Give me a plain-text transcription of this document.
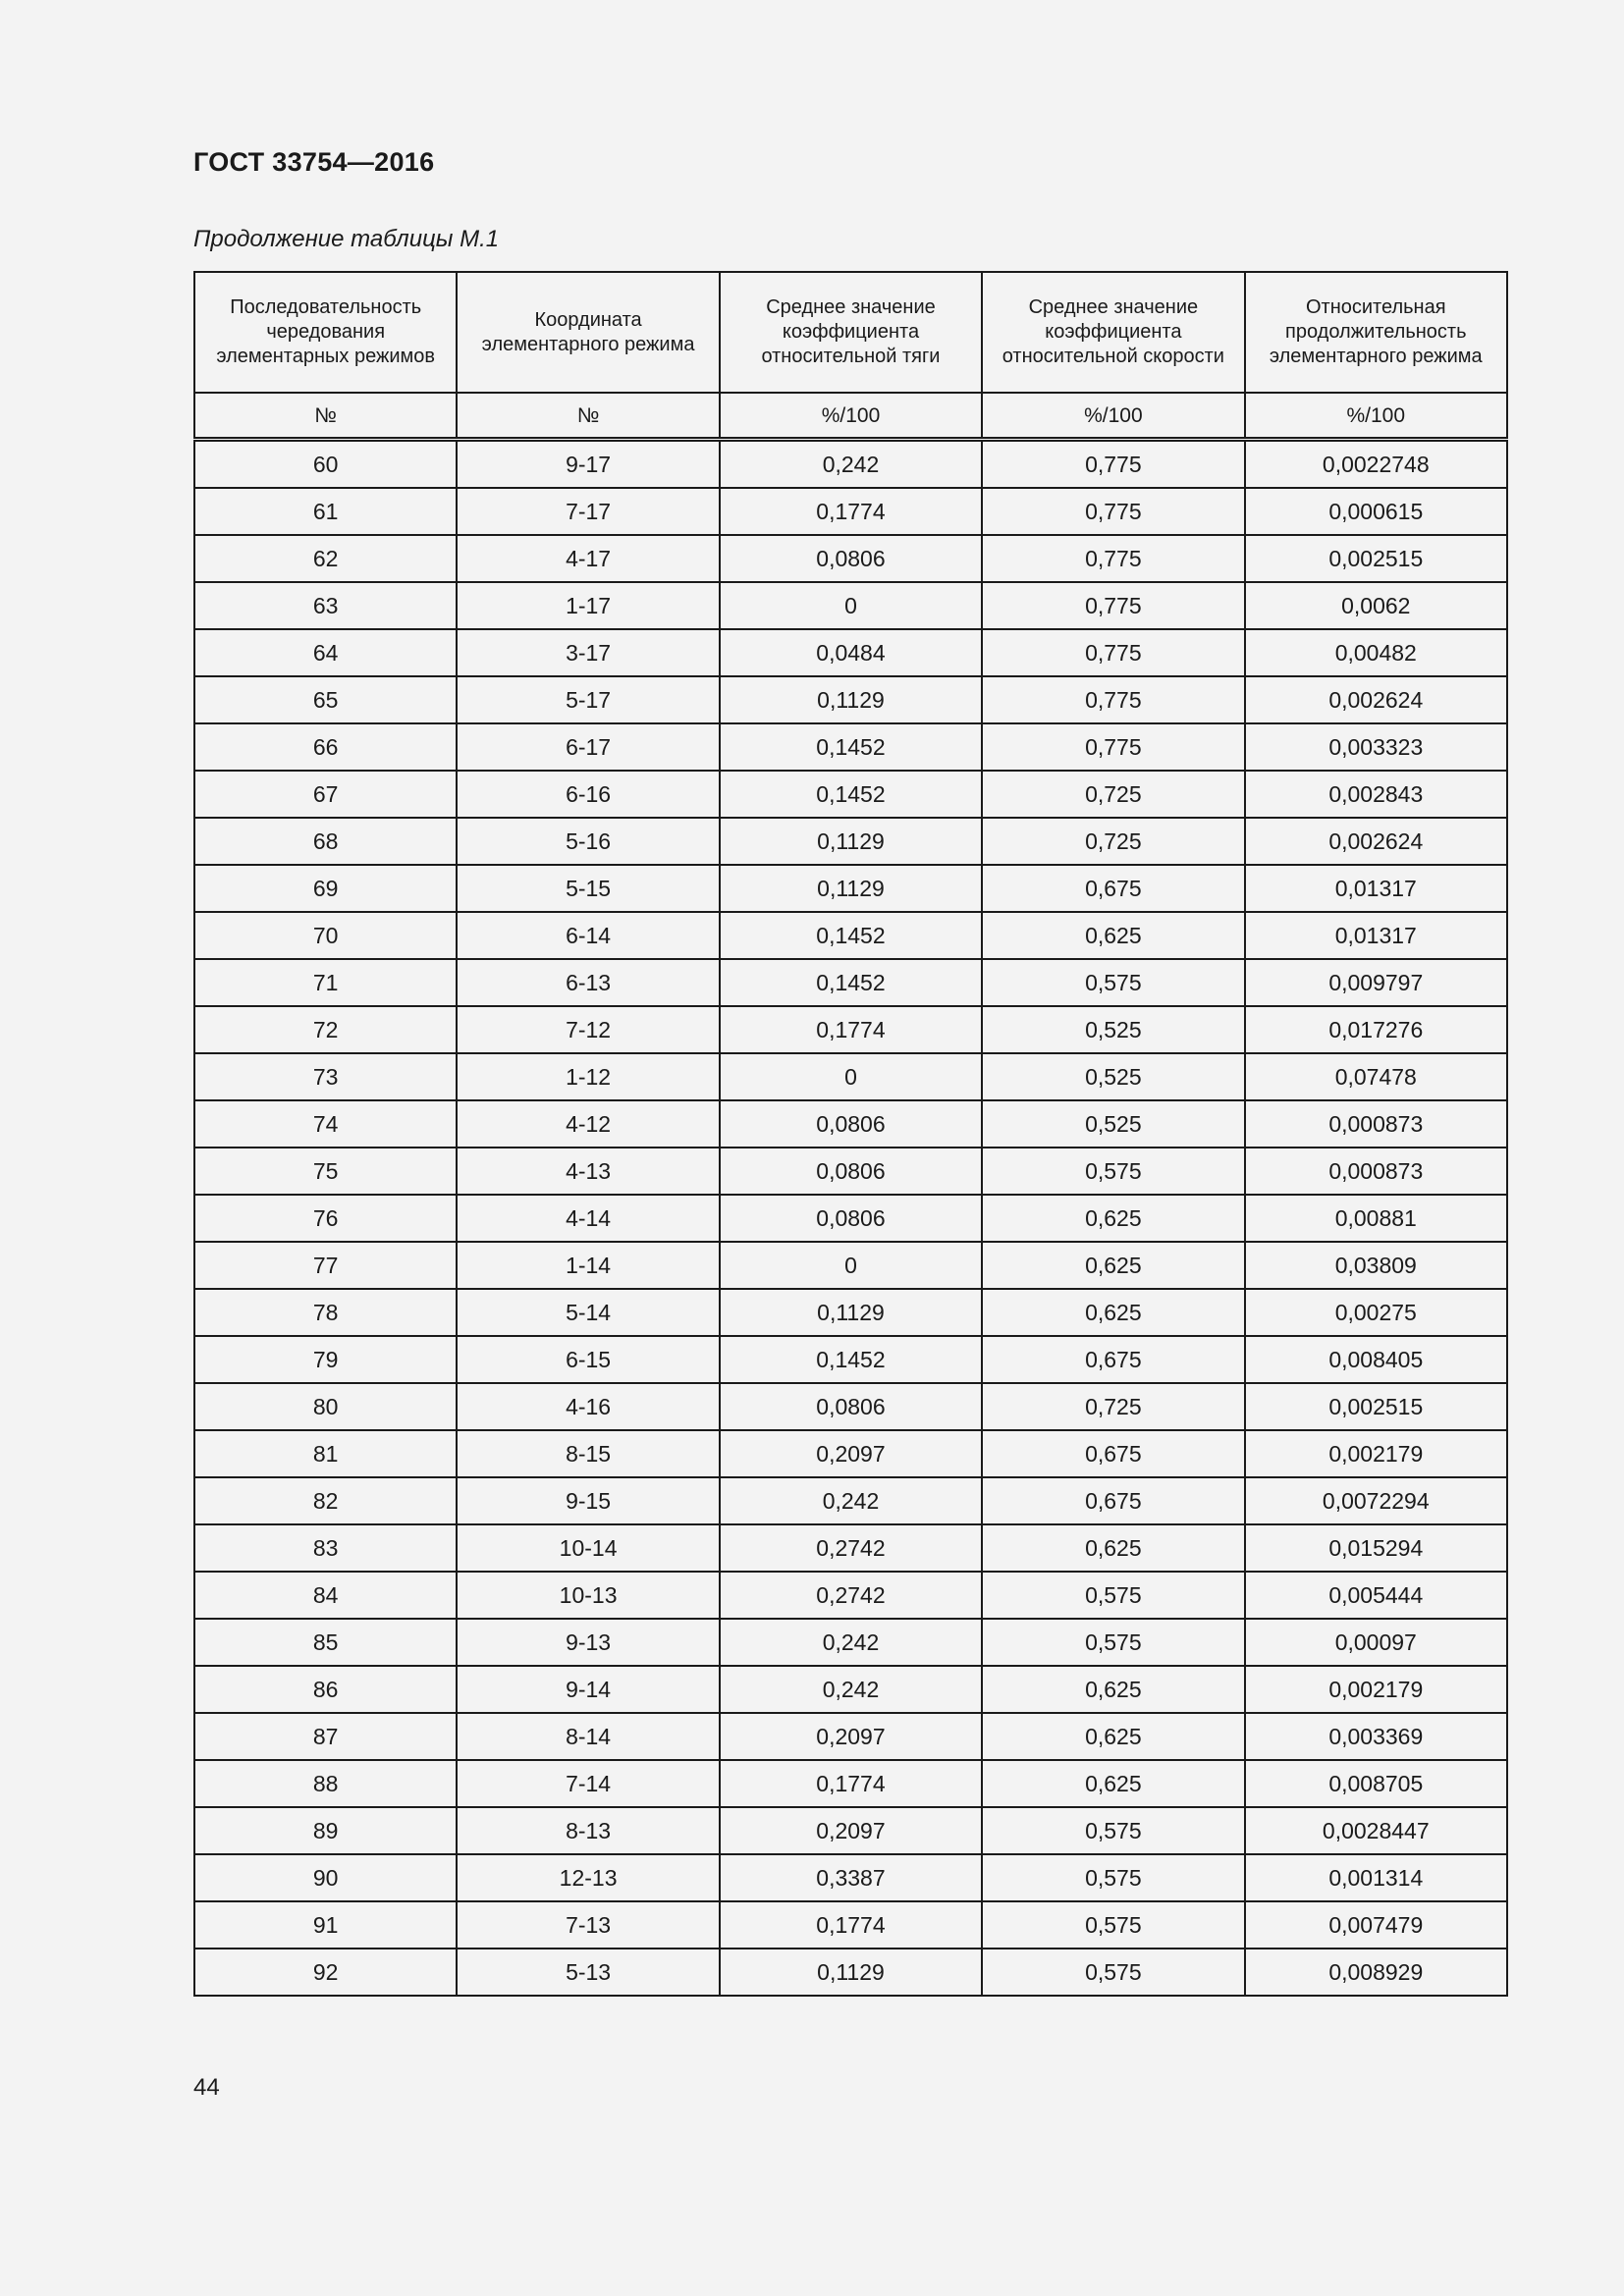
ГОСТ 33754—2016
Продолжение таблицы М.1
Последовательность чередования элементарных режимов	Координата элементарного режима	Среднее значение коэффициента относительной тяги	Среднее значение коэффициента относительной скорости	Относительная продолжительность элементарного режима
№	№	%/100	%/100	%/100
60	9-17	0,242	0,775	0,0022748
61	7-17	0,1774	0,775	0,000615
62	4-17	0,0806	0,775	0,002515
63	1-17	0	0,775	0,0062
64	3-17	0,0484	0,775	0,00482
65	5-17	0,1129	0,775	0,002624
66	6-17	0,1452	0,775	0,003323
67	6-16	0,1452	0,725	0,002843
68	5-16	0,1129	0,725	0,002624
69	5-15	0,1129	0,675	0,01317
70	6-14	0,1452	0,625	0,01317
71	6-13	0,1452	0,575	0,009797
72	7-12	0,1774	0,525	0,017276
73	1-12	0	0,525	0,07478
74	4-12	0,0806	0,525	0,000873
75	4-13	0,0806	0,575	0,000873
76	4-14	0,0806	0,625	0,00881
77	1-14	0	0,625	0,03809
78	5-14	0,1129	0,625	0,00275
79	6-15	0,1452	0,675	0,008405
80	4-16	0,0806	0,725	0,002515
81	8-15	0,2097	0,675	0,002179
82	9-15	0,242	0,675	0,0072294
83	10-14	0,2742	0,625	0,015294
84	10-13	0,2742	0,575	0,005444
85	9-13	0,242	0,575	0,00097
86	9-14	0,242	0,625	0,002179
87	8-14	0,2097	0,625	0,003369
88	7-14	0,1774	0,625	0,008705
89	8-13	0,2097	0,575	0,0028447
90	12-13	0,3387	0,575	0,001314
91	7-13	0,1774	0,575	0,007479
92	5-13	0,1129	0,575	0,008929
44
